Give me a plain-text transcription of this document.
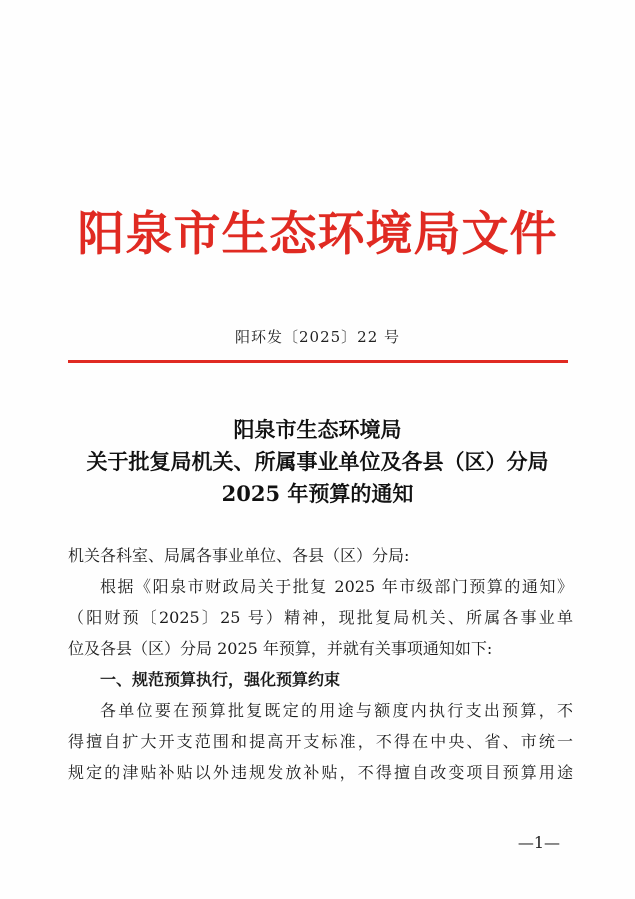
阳泉市生态环境局文件
阳环发〔2025〕22 号
阳泉市生态环境局
关于批复局机关、所属事业单位及各县（区）分局
2025 年预算的通知

机关各科室、局属各事业单位、各县（区）分局:

根据《阳泉市财政局关于批复 2025 年市级部门预算的通知》
（阳财预〔2025〕25 号）精神，现批复局机关、所属各事业单
位及各县（区）分局 2025 年预算，并就有关事项通知如下:

一、规范预算执行，强化预算约束

各单位要在预算批复既定的用途与额度内执行支出预算，不
得擅自扩大开支范围和提高开支标准，不得在中央、省、市统一
规定的津贴补贴以外违规发放补贴，不得擅自改变项目预算用途

—1—
